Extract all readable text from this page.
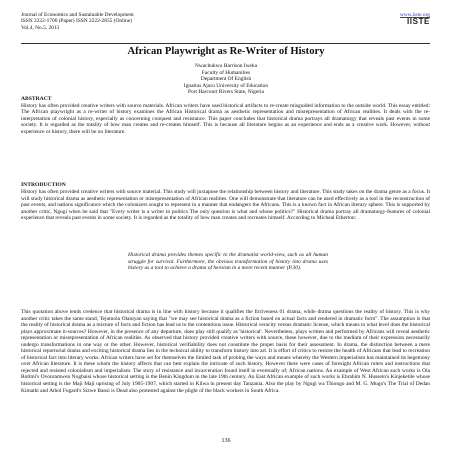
Journal of Economics and Sustainable Development
ISSN 2222-1700 (Paper) ISSN 2222-2855 (Online)
Vol.4, No.5, 2013
www.iiste.org
IISTE
African Playwright as Re-Writer of History
Nwachukwu Harrison Iweka
Faculty of Humanities
Department Of English
Ignatius Ajuru University of Education
Port Harcourt Rivers State, Nigeria
ABSTRACT

History has often provided creative writers with source materials. African writers have used historical artifacts to re-create misguided information to the outside world. This essay entitled: The African playwright as a re-writer of history examines the African Historical drama as aesthetic representation and misrepresentation of African realities. It deals with the re-interpretation of colonial history, especially as concerning conquest and resistance. This paper concludes that historical drama portrays all dramaturgy that reveals past events in some society. It is regarded as the totality of how man creates and re-creates himself. This is because all literature begins as an experience and ends as a creative work. However, without experience or history, there will be no literature.

INTRODUCTION

History has often provided creative writers with source material. This study will juxtapose the relationship between history and literature. This study takes on the drama genre as a focus. It will study historical drama as aesthetic representation or misrepresentation of African realities. One will demonstrate that literature can be used effectively as a tool in the reconstruction of past events, and nations significance which the colonizers sought to represent in a manner that endangers the Africans. This is a known fact in African literary sphere. This is supported by another critic, Ngugi when he said that "Every writer is a writer in politics The only question is what and whose politics?" Historical drama portray all dramaturgy-features of colonial experience that reveals past events in some society. It is regarded as the totality of how man creates and recreates himself. According to Micheal Etherton:

Historical drama provides themes specific to the dramatist world-view, such as all human struggle for survival. Furthermore, the obvious transformation of history into drama uses history as a tool to achieve a drama of heroism in a more recent manner (P.30).

This quotation above lends credence that historical drama is in line with history because it qualifies the fictiveness 01 drama, while drama questions the reality of history. This is why another critic takes the same stand, Tejumola Olaniyan saying that "we may see historical drama as a fiction based on actual facts and rendered in dramatic form". The assumption is that the reality of historical drama as a mixture of facts and fiction has lead us to the contentious issue. Historical veracity versus dramatic license, which means to what level does the historical plays approximate it-sources? However, in the presence of any departure, does play still qualify as 'historical'. Nevertheless, plays written and performed by Africans will reveal aesthetic representation or misrepresentation of African realities. As observed that history provided creative writers with source, these however, due to the medium of their expression necessarily undergo transformations in one way or the other. However, historical verifiability does not constitute the proper basis for their assessment. In drama, the distinction between a mere historical reportorial drama and exciting historical drama lies in the technical ability to transform history into art. It is effort of critics to restore the health of Africans that lead to recreation of historical fact into literary works. African writers have set for themselves the limited task of probing the ways and means whereby the Western imperialism has maintained its hegemony over African literature. It is these whom the history affects that can best explain the intricate of such history. However there were cases of foresight African rulers and instructions that rejected and resisted colonialism and imperialism. The story of resistance and incarceration found itself in eventually of; African nations. An example of West African such works is Ola Rotimi's Ovonramwen Nogbaisi whose historical setting is the Benin Kingdom in the late 19th century. An East African example of such works is Ebrahim N. Hussein's Kinjeketile whose historical setting is the Maji Maji uprising of July 1905-1907, which started in Kilwa in present day Tanzania. Also the play by Ngugi wa Thiongo and M. G. Mugo's The Trial of Dedan Kimathi and Athol Fugard's Sizwe Bansi is Dead also protested against the plight of the black workers in South Africa.

136
